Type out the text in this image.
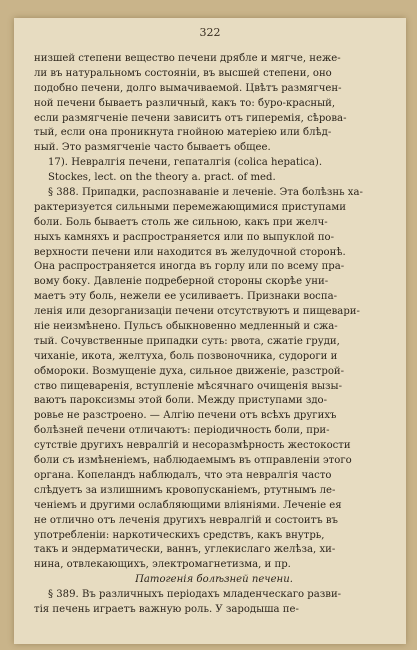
322
низшей степени вещество печени дрябле и мягче, неже-
ли въ натуральномъ состояніи, въ высшей степени, оно
подобно печени, долго вымачиваемой. Цвѣтъ размягчен-
ной печени бываетъ различный, какъ то: буро-красный,
если размягченіе печени зависитъ отъ гиперемія, сѣрова-
тый, если она проникнута гнойною матеріею или блѣд-
ный. Это размягченіе часто бываетъ общее.
17). Невралгія печени, гепаталгія (colica hepatica).
Stockes, lect. on the theory a. pract. of med.
§ 388. Припадки, распознаваніе и леченіе. Эта болѣзнь ха-
рактеризуется сильными перемежающимися приступами
боли. Боль бываетъ столь же сильною, какъ при желч-
ныхъ камняхъ и распространяется или по выпуклой по-
верхности печени или находится въ желудочной сторонѣ.
Она распространяется иногда въ горлу или по всему пра-
вому боку. Давленіе подреберной стороны скорѣе уни-
маетъ эту боль, нежели ее усиливаетъ. Признаки воспа-
ленія или дезорганизаціи печени отсутствуютъ и пищевари-
ніе неизмѣнено. Пульсъ обыкновенно медленный и сжа-
тый. Сочувственные припадки суть: рвота, сжатіе груди,
чиханіе, икота, желтуха, боль позвоночника, судороги и
обмороки. Возмущеніе духа, сильное движеніе, разстрой-
ство пищеваренія, вступленіе мѣсячнаго очищенія вызы-
ваютъ пароксизмы этой боли. Между приступами здо-
ровье не разстроено. — Алгію печени отъ всѣхъ другихъ
болѣзней печени отличаютъ: періодичность боли, при-
сутствіе другихъ невралгій и несоразмѣрность жестокости
боли съ измѣненіемъ, наблюдаемымъ въ отправленіи этого
органа. Копеландъ наблюдалъ, что эта невралгія часто
слѣдуетъ за излишнимъ кровопусканіемъ, ртутнымъ ле-
ченіемъ и другими ослабляющими вліяніями. Леченіе ея
не отлично отъ леченія другихъ невралгій и состоитъ въ
употребленіи: наркотическихъ средствъ, какъ внутрь,
такъ и эндерматически, ваннъ, углекислаго желѣза, хи-
нина, отвлекающихъ, электромагнетизма, и пр.
Патогенія болѣзней печени.
§ 389. Въ различныхъ періодахъ младенческаго разви-
тія печень играетъ важную роль. У зародыша пе-
